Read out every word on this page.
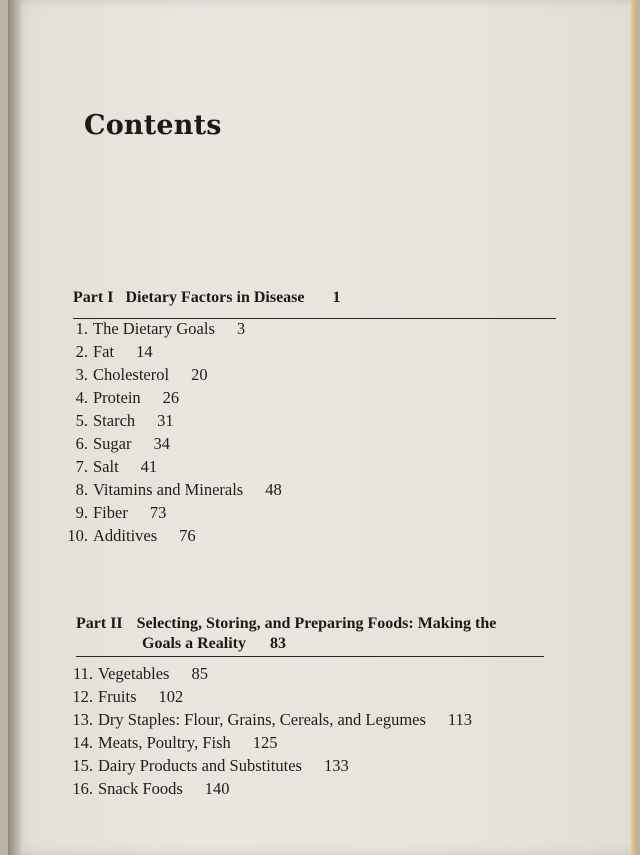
Contents
Part I Dietary Factors in Disease 1
1. The Dietary Goals 3
2. Fat 14
3. Cholesterol 20
4. Protein 26
5. Starch 31
6. Sugar 34
7. Salt 41
8. Vitamins and Minerals 48
9. Fiber 73
10. Additives 76
Part II Selecting, Storing, and Preparing Foods: Making the
Goals a Reality 83
11. Vegetables 85
12. Fruits 102
13. Dry Staples: Flour, Grains, Cereals, and Legumes 113
14. Meats, Poultry, Fish 125
15. Dairy Products and Substitutes 133
16. Snack Foods 140
